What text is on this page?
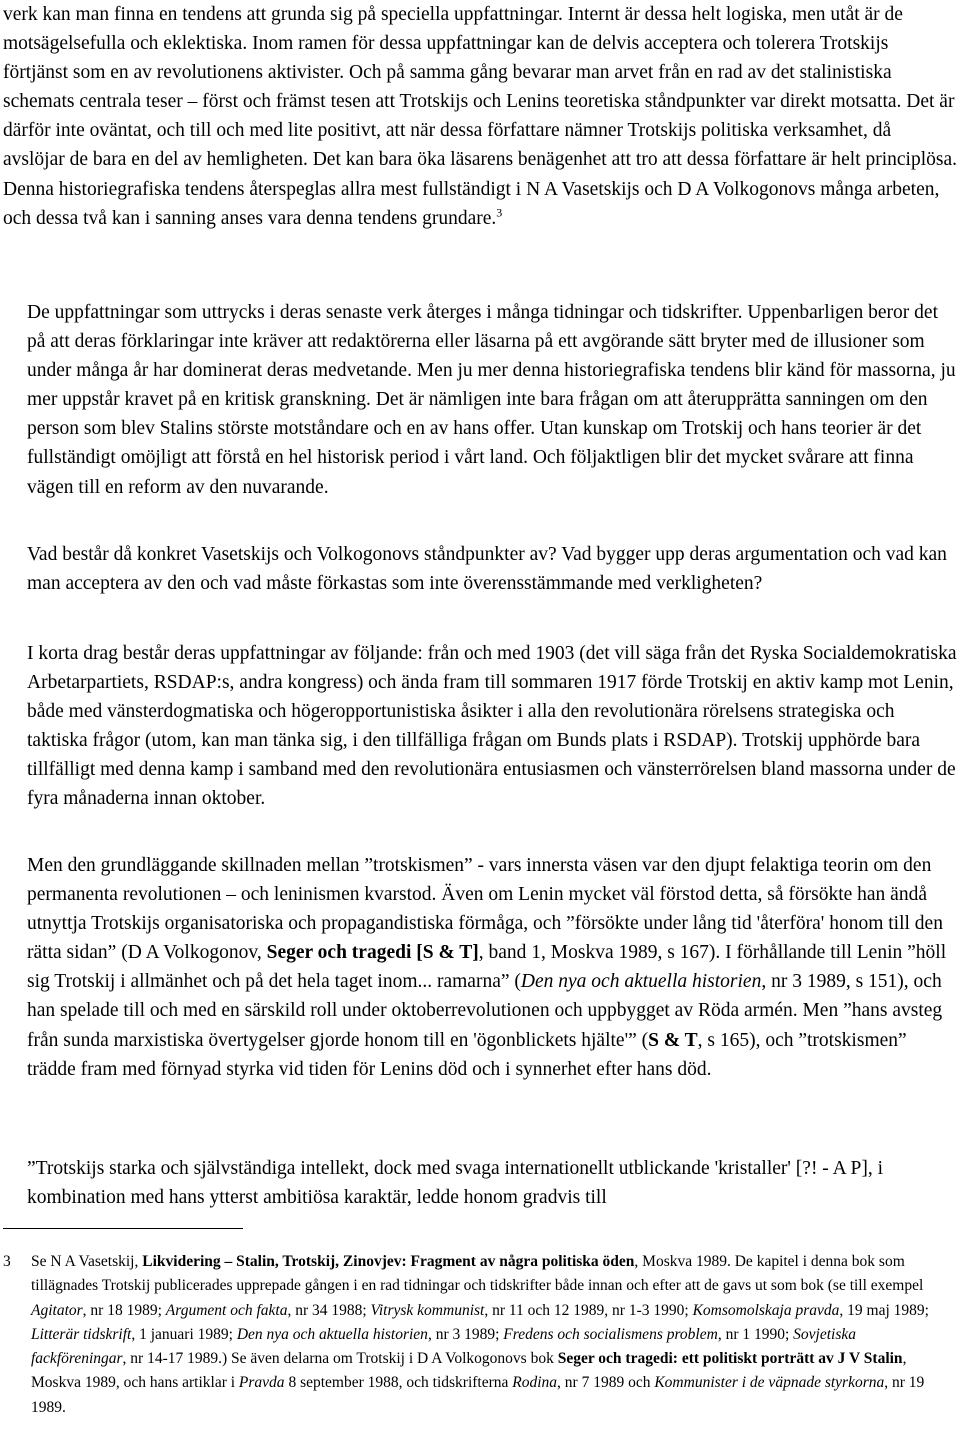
verk kan man finna en tendens att grunda sig på speciella uppfattningar. Internt är dessa helt logiska, men utåt är de motsägelsefulla och eklektiska. Inom ramen för dessa uppfattningar kan de delvis acceptera och tolerera Trotskijs förtjänst som en av revolutionens aktivister. Och på samma gång bevarar man arvet från en rad av det stalinistiska schemats centrala teser – först och främst tesen att Trotskijs och Lenins teoretiska ståndpunkter var direkt motsatta. Det är därför inte oväntat, och till och med lite positivt, att när dessa författare nämner Trotskijs politiska verksamhet, då avslöjar de bara en del av hemligheten. Det kan bara öka läsarens benägenhet att tro att dessa författare är helt principlösa. Denna historiegrafiska tendens återspeglas allra mest fullständigt i N A Vasetskijs och D A Volkogonovs många arbeten, och dessa två kan i sanning anses vara denna tendens grundare.$^3$

De uppfattningar som uttrycks i deras senaste verk återges i många tidningar och tidskrifter. Uppenbarligen beror det på att deras förklaringar inte kräver att redaktörerna eller läsarna på ett avgörande sätt bryter med de illusioner som under många år har dominerat deras medvetande. Men ju mer denna historiegrafiska tendens blir känd för massorna, ju mer uppstår kravet på en kritisk granskning. Det är nämligen inte bara frågan om att återupprätta sanningen om den person som blev Stalins störste motståndare och en av hans offer. Utan kunskap om Trotskij och hans teorier är det fullständigt omöjligt att förstå en hel historisk period i vårt land. Och följaktligen blir det mycket svårare att finna vägen till en reform av den nuvarande.

Vad består då konkret Vasetskijs och Volkogonovs ståndpunkter av? Vad bygger upp deras argumentation och vad kan man acceptera av den och vad måste förkastas som inte överensstämmande med verkligheten?

I korta drag består deras uppfattningar av följande: från och med 1903 (det vill säga från det Ryska Socialdemokratiska Arbetarpartiets, RSDAP:s, andra kongress) och ända fram till sommaren 1917 förde Trotskij en aktiv kamp mot Lenin, både med vänsterdogmatiska och högeropportunistiska åsikter i alla den revolutionära rörelsens strategiska och taktiska frågor (utom, kan man tänka sig, i den tillfälliga frågan om Bunds plats i RSDAP). Trotskij upphörde bara tillfälligt med denna kamp i samband med den revolutionära entusiasmen och vänsterrörelsen bland massorna under de fyra månaderna innan oktober.

Men den grundläggande skillnaden mellan ”trotskismen” - vars innersta väsen var den djupt felaktiga teorin om den permanenta revolutionen – och leninismen kvarstod. Även om Lenin mycket väl förstod detta, så försökte han ändå utnyttja Trotskijs organisatoriska och propagandistiska förmåga, och ”försökte under lång tid 'återföra' honom till den rätta sidan” (D A Volkogonov, Seger och tragedi [S & T], band 1, Moskva 1989, s 167). I förhållande till Lenin ”höll sig Trotskij i allmänhet och på det hela taget inom... ramarna” (Den nya och aktuella historien, nr 3 1989, s 151), och han spelade till och med en särskild roll under oktoberrevolutionen och uppbygget av Röda armén. Men ”hans avsteg från sunda marxistiska övertygelser gjorde honom till en 'ögonblickets hjälte'” (S & T, s 165), och ”trotskismen” trädde fram med förnyad styrka vid tiden för Lenins död och i synnerhet efter hans död.

”Trotskijs starka och självständiga intellekt, dock med svaga internationellt utblickande 'kristaller' [?! - A P], i kombination med hans ytterst ambitiösa karaktär, ledde honom gradvis till

3 Se N A Vasetskij, Likvidering – Stalin, Trotskij, Zinovjev: Fragment av några politiska öden, Moskva 1989. De kapitel i denna bok som tillägnades Trotskij publicerades upprepade gången i en rad tidningar och tidskrifter både innan och efter att de gavs ut som bok (se till exempel Agitator, nr 18 1989; Argument och fakta, nr 34 1988; Vitrysk kommunist, nr 11 och 12 1989, nr 1-3 1990; Komsomolskaja pravda, 19 maj 1989; Litterär tidskrift, 1 januari 1989; Den nya och aktuella historien, nr 3 1989; Fredens och socialismens problem, nr 1 1990; Sovjetiska fackföreningar, nr 14-17 1989.) Se även delarna om Trotskij i D A Volkogonovs bok Seger och tragedi: ett politiskt porträtt av J V Stalin, Moskva 1989, och hans artiklar i Pravda 8 september 1988, och tidskrifterna Rodina, nr 7 1989 och Kommunister i de väpnade styrkorna, nr 19 1989.
